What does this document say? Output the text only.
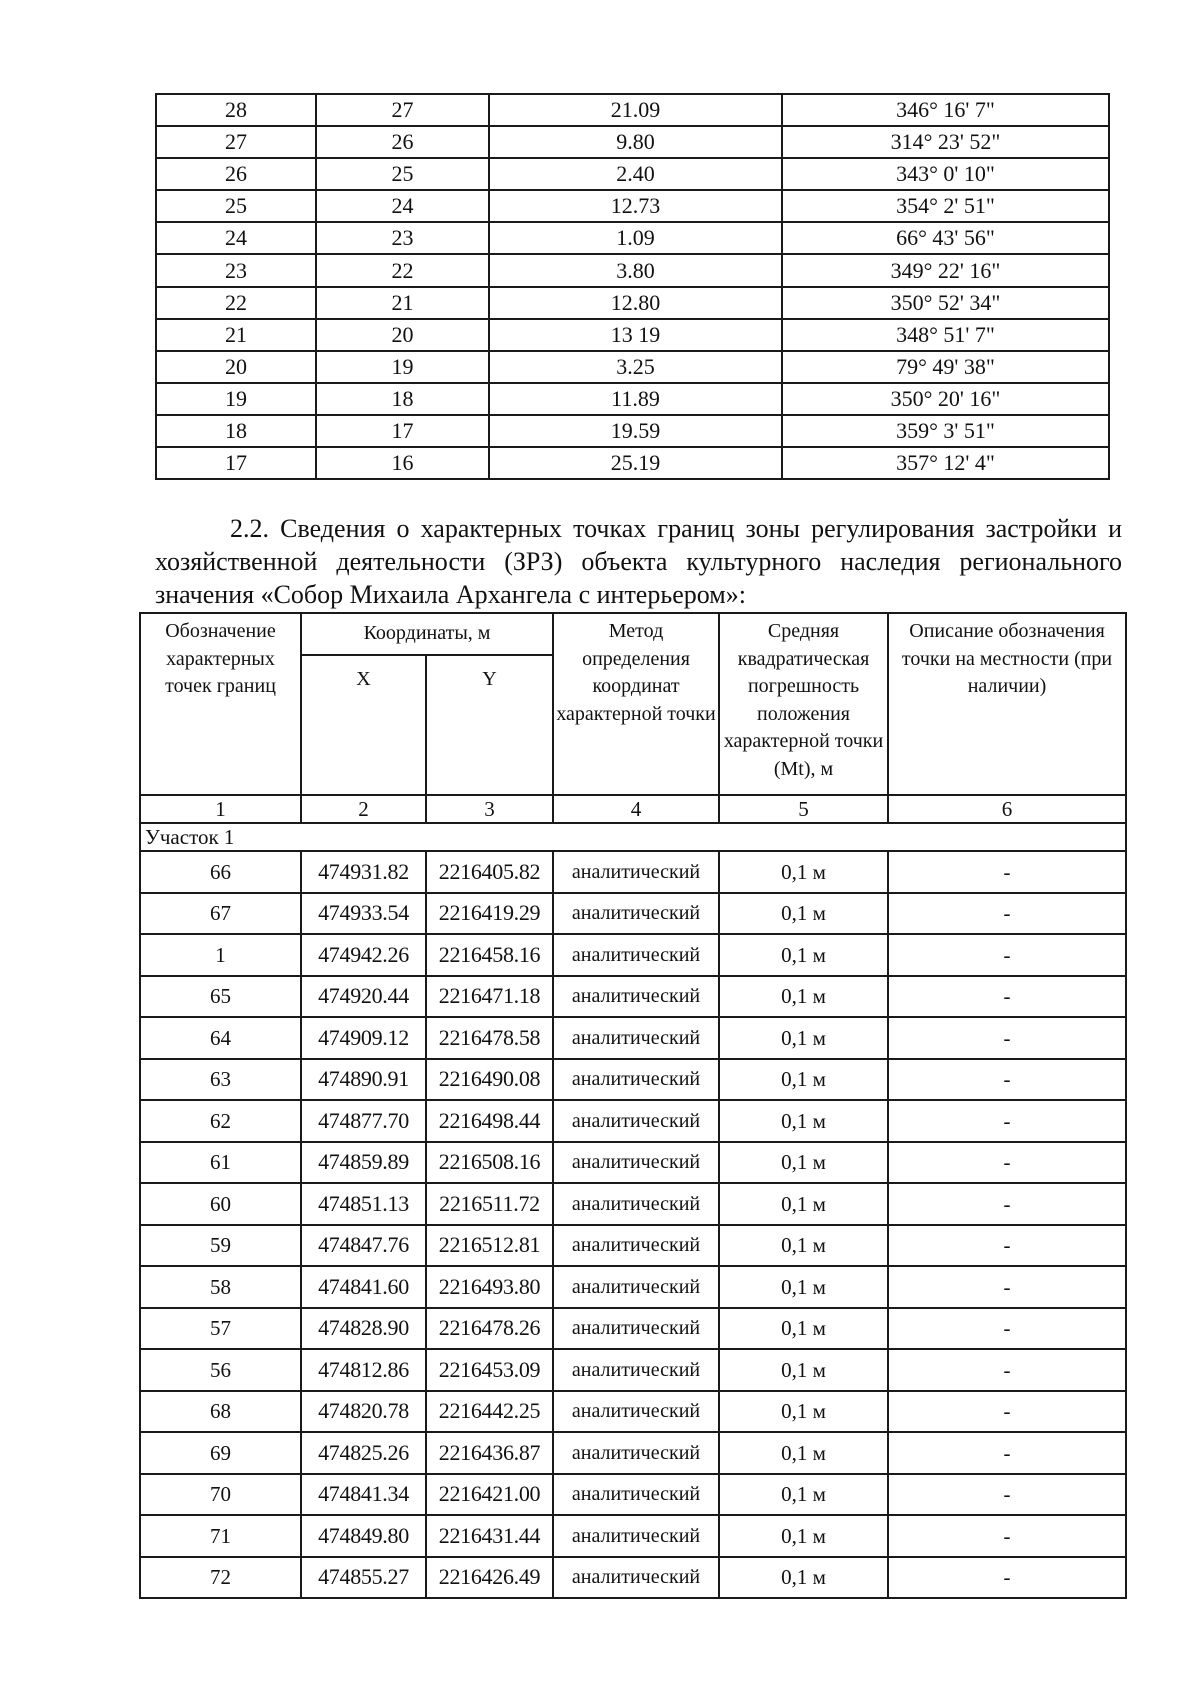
28	27	21.09	346° 16' 7"
27	26	9.80	314° 23' 52"
26	25	2.40	343° 0' 10"
25	24	12.73	354° 2' 51"
24	23	1.09	66° 43' 56"
23	22	3.80	349° 22' 16"
22	21	12.80	350° 52' 34"
21	20	13 19	348° 51' 7"
20	19	3.25	79° 49' 38"
19	18	11.89	350° 20' 16"
18	17	19.59	359° 3' 51"
17	16	25.19	357° 12' 4"

2.2. Сведения о характерных точках границ зоны регулирования застройки и хозяйственной деятельности (ЗРЗ) объекта культурного наследия регионального значения «Собор Михаила Архангела с интерьером»:

Обозначение характерных точек границ	Координаты, м		Метод определения координат характерной точки	Средняя квадратическая погрешность положения характерной точки (Mt), м	Описание обозначения точки на местности (при наличии)
	X	Y			
1	2	3	4	5	6
Участок 1					
66	474931.82	2216405.82	аналитический	0,1 м	-
67	474933.54	2216419.29	аналитический	0,1 м	-
1	474942.26	2216458.16	аналитический	0,1 м	-
65	474920.44	2216471.18	аналитический	0,1 м	-
64	474909.12	2216478.58	аналитический	0,1 м	-
63	474890.91	2216490.08	аналитический	0,1 м	-
62	474877.70	2216498.44	аналитический	0,1 м	-
61	474859.89	2216508.16	аналитический	0,1 м	-
60	474851.13	2216511.72	аналитический	0,1 м	-
59	474847.76	2216512.81	аналитический	0,1 м	-
58	474841.60	2216493.80	аналитический	0,1 м	-
57	474828.90	2216478.26	аналитический	0,1 м	-
56	474812.86	2216453.09	аналитический	0,1 м	-
68	474820.78	2216442.25	аналитический	0,1 м	-
69	474825.26	2216436.87	аналитический	0,1 м	-
70	474841.34	2216421.00	аналитический	0,1 м	-
71	474849.80	2216431.44	аналитический	0,1 м	-
72	474855.27	2216426.49	аналитический	0,1 м	-
